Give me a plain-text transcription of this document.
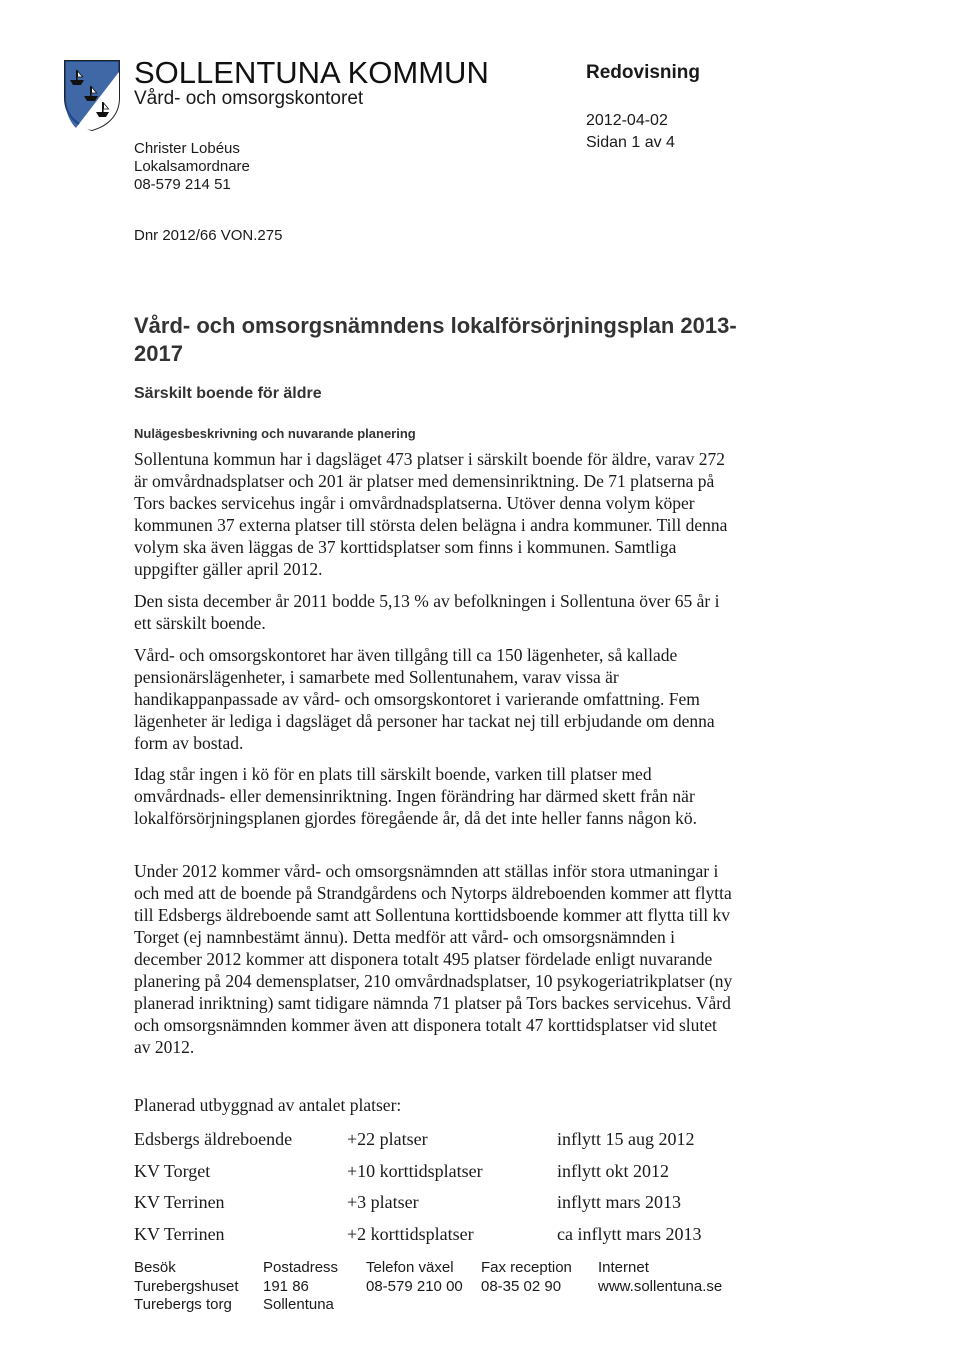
SOLLENTUNA KOMMUN
Vård- och omsorgskontoret
Redovisning
2012-04-02
Sidan 1 av 4
Christer Lobéus
Lokalsamordnare
08-579 214 51
Dnr 2012/66 VON.275
Vård- och omsorgsnämndens lokalförsörjningsplan 2013-2017
Särskilt boende för äldre
Nulägesbeskrivning och nuvarande planering
Sollentuna kommun har i dagsläget 473 platser i särskilt boende för äldre, varav 272 är omvårdnadsplatser och 201 är platser med demensinriktning. De 71 platserna på Tors backes servicehus ingår i omvårdnadsplatserna. Utöver denna volym köper kommunen 37 externa platser till största delen belägna i andra kommuner. Till denna volym ska även läggas de 37 korttidsplatser som finns i kommunen. Samtliga uppgifter gäller april 2012.
Den sista december år 2011 bodde 5,13 % av befolkningen i Sollentuna över 65 år i ett särskilt boende.
Vård- och omsorgskontoret har även tillgång till ca 150 lägenheter, så kallade pensionärslägenheter, i samarbete med Sollentunahem, varav vissa är handikappanpassade av vård- och omsorgskontoret i varierande omfattning. Fem lägenheter är lediga i dagsläget då personer har tackat nej till erbjudande om denna form av bostad.
Idag står ingen i kö för en plats till särskilt boende, varken till platser med omvårdnads- eller demensinriktning. Ingen förändring har därmed skett från när lokalförsörjningsplanen gjordes föregående år, då det inte heller fanns någon kö.
Under 2012 kommer vård- och omsorgsnämnden att ställas inför stora utmaningar i och med att de boende på Strandgårdens och Nytorps äldreboenden kommer att flytta till Edsbergs äldreboende samt att Sollentuna korttidsboende kommer att flytta till kv Torget (ej namnbestämt ännu). Detta medför att vård- och omsorgsnämnden i december 2012 kommer att disponera totalt 495 platser fördelade enligt nuvarande planering på 204 demensplatser, 210 omvårdnadsplatser, 10 psykogeriatrikplatser (ny planerad inriktning) samt tidigare nämnda 71 platser på Tors backes servicehus. Vård och omsorgsnämnden kommer även att disponera totalt 47 korttidsplatser vid slutet av 2012.
Planerad utbyggnad av antalet platser:
Edsbergs äldreboende	+22 platser	inflytt 15 aug 2012
KV Torget	+10 korttidsplatser	inflytt okt 2012
KV Terrinen	+3 platser	inflytt mars 2013
KV Terrinen	+2 korttidsplatser	ca inflytt mars 2013
Besök
Turebergshuset
Turebergs torg
Postadress
191 86
Sollentuna
Telefon växel
08-579 210 00
Fax reception
08-35 02 90
Internet
www.sollentuna.se
